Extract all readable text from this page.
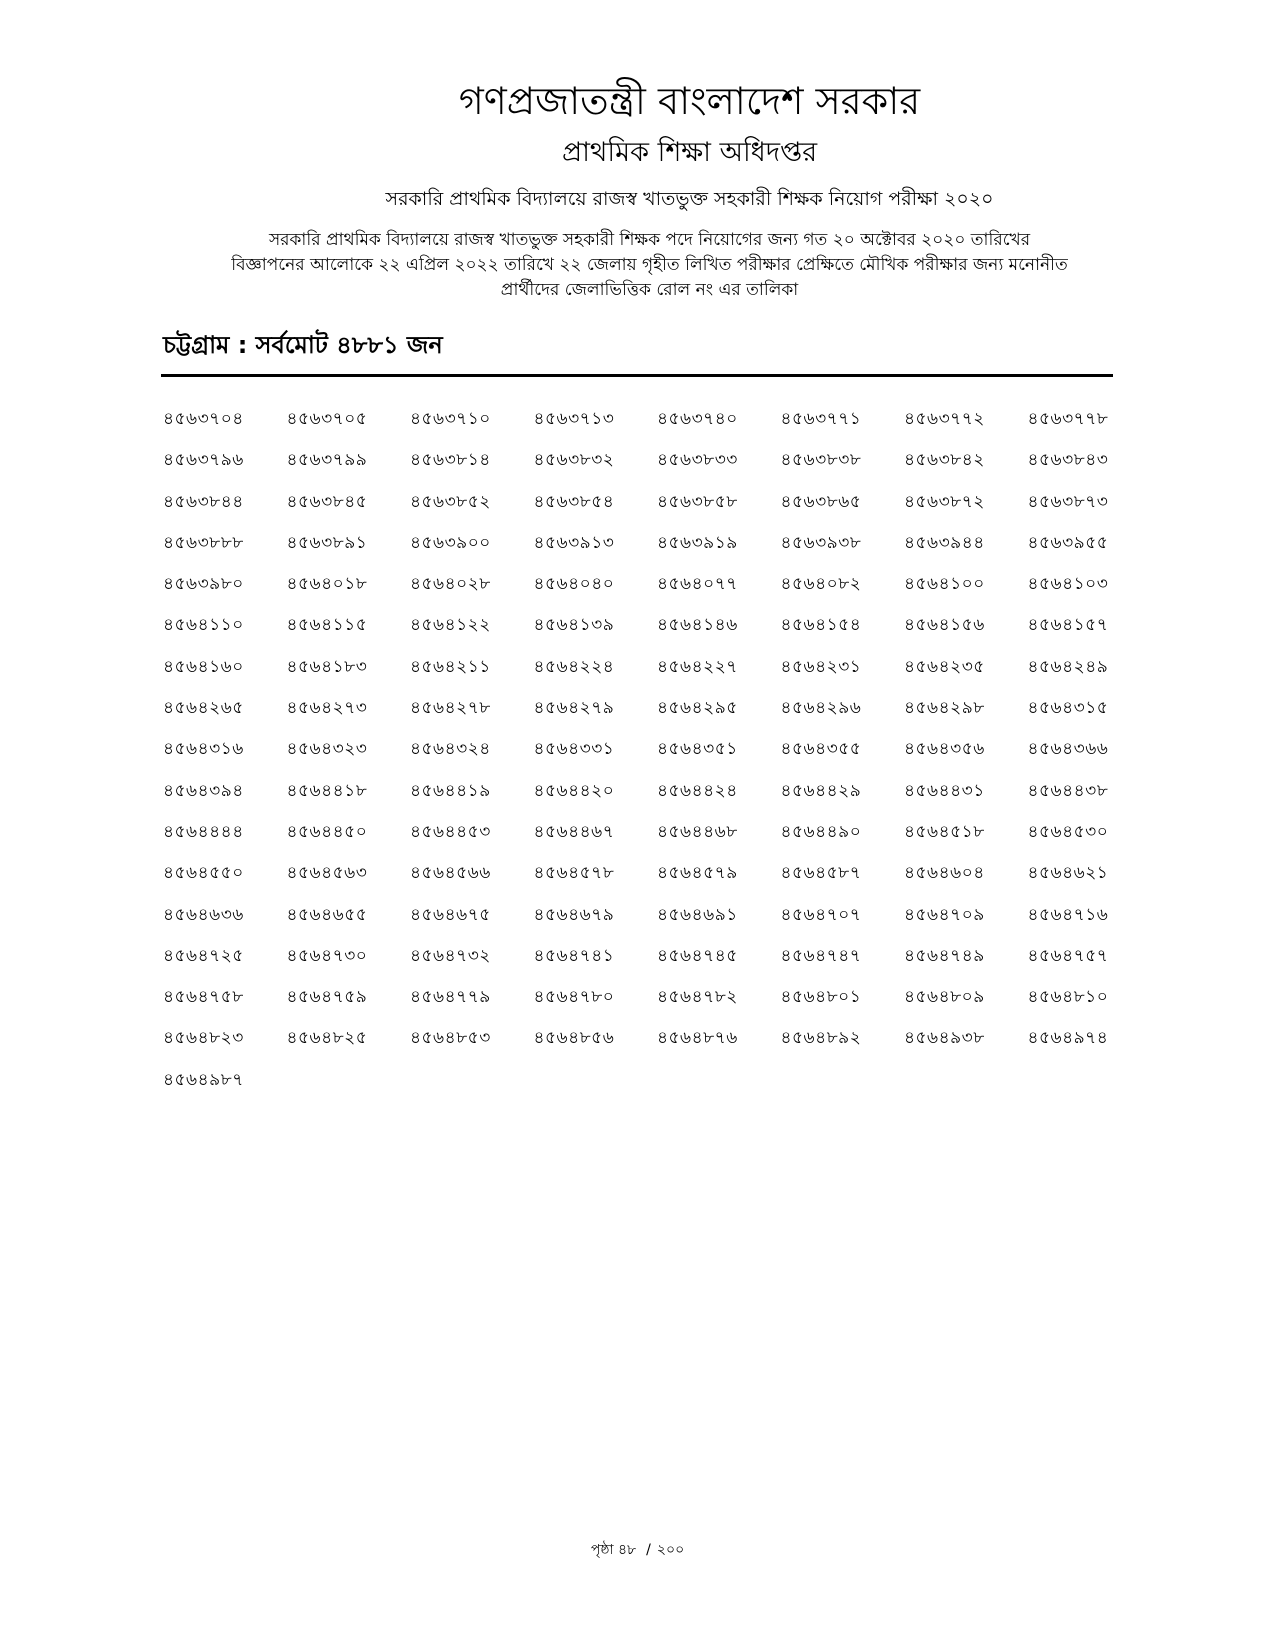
গণপ্রজাতন্ত্রী বাংলাদেশ সরকার
প্রাথমিক শিক্ষা অধিদপ্তর
সরকারি প্রাথমিক বিদ্যালয়ে রাজস্ব খাতভুক্ত সহকারী শিক্ষক নিয়োগ পরীক্ষা ২০২০
সরকারি প্রাথমিক বিদ্যালয়ে রাজস্ব খাতভুক্ত সহকারী শিক্ষক পদে নিয়োগের জন্য গত ২০ অক্টোবর ২০২০ তারিখের
বিজ্ঞাপনের আলোকে ২২ এপ্রিল ২০২২ তারিখে ২২ জেলায় গৃহীত লিখিত পরীক্ষার প্রেক্ষিতে মৌখিক পরীক্ষার জন্য মনোনীত
প্রার্থীদের জেলাভিত্তিক রোল নং এর তালিকা
চট্টগ্রাম : সর্বমোট ৪৮৮১ জন
৪৫৬৩৭০৪	৪৫৬৩৭০৫	৪৫৬৩৭১০	৪৫৬৩৭১৩	৪৫৬৩৭৪০	৪৫৬৩৭৭১	৪৫৬৩৭৭২	৪৫৬৩৭৭৮
৪৫৬৩৭৯৬	৪৫৬৩৭৯৯	৪৫৬৩৮১৪	৪৫৬৩৮৩২	৪৫৬৩৮৩৩	৪৫৬৩৮৩৮	৪৫৬৩৮৪২	৪৫৬৩৮৪৩
৪৫৬৩৮৪৪	৪৫৬৩৮৪৫	৪৫৬৩৮৫২	৪৫৬৩৮৫৪	৪৫৬৩৮৫৮	৪৫৬৩৮৬৫	৪৫৬৩৮৭২	৪৫৬৩৮৭৩
৪৫৬৩৮৮৮	৪৫৬৩৮৯১	৪৫৬৩৯০০	৪৫৬৩৯১৩	৪৫৬৩৯১৯	৪৫৬৩৯৩৮	৪৫৬৩৯৪৪	৪৫৬৩৯৫৫
৪৫৬৩৯৮০	৪৫৬৪০১৮	৪৫৬৪০২৮	৪৫৬৪০৪০	৪৫৬৪০৭৭	৪৫৬৪০৮২	৪৫৬৪১০০	৪৫৬৪১০৩
৪৫৬৪১১০	৪৫৬৪১১৫	৪৫৬৪১২২	৪৫৬৪১৩৯	৪৫৬৪১৪৬	৪৫৬৪১৫৪	৪৫৬৪১৫৬	৪৫৬৪১৫৭
৪৫৬৪১৬০	৪৫৬৪১৮৩	৪৫৬৪২১১	৪৫৬৪২২৪	৪৫৬৪২২৭	৪৫৬৪২৩১	৪৫৬৪২৩৫	৪৫৬৪২৪৯
৪৫৬৪২৬৫	৪৫৬৪২৭৩	৪৫৬৪২৭৮	৪৫৬৪২৭৯	৪৫৬৪২৯৫	৪৫৬৪২৯৬	৪৫৬৪২৯৮	৪৫৬৪৩১৫
৪৫৬৪৩১৬	৪৫৬৪৩২৩	৪৫৬৪৩২৪	৪৫৬৪৩৩১	৪৫৬৪৩৫১	৪৫৬৪৩৫৫	৪৫৬৪৩৫৬	৪৫৬৪৩৬৬
৪৫৬৪৩৯৪	৪৫৬৪৪১৮	৪৫৬৪৪১৯	৪৫৬৪৪২০	৪৫৬৪৪২৪	৪৫৬৪৪২৯	৪৫৬৪৪৩১	৪৫৬৪৪৩৮
৪৫৬৪৪৪৪	৪৫৬৪৪৫০	৪৫৬৪৪৫৩	৪৫৬৪৪৬৭	৪৫৬৪৪৬৮	৪৫৬৪৪৯০	৪৫৬৪৫১৮	৪৫৬৪৫৩০
৪৫৬৪৫৫০	৪৫৬৪৫৬৩	৪৫৬৪৫৬৬	৪৫৬৪৫৭৮	৪৫৬৪৫৭৯	৪৫৬৪৫৮৭	৪৫৬৪৬০৪	৪৫৬৪৬২১
৪৫৬৪৬৩৬	৪৫৬৪৬৫৫	৪৫৬৪৬৭৫	৪৫৬৪৬৭৯	৪৫৬৪৬৯১	৪৫৬৪৭০৭	৪৫৬৪৭০৯	৪৫৬৪৭১৬
৪৫৬৪৭২৫	৪৫৬৪৭৩০	৪৫৬৪৭৩২	৪৫৬৪৭৪১	৪৫৬৪৭৪৫	৪৫৬৪৭৪৭	৪৫৬৪৭৪৯	৪৫৬৪৭৫৭
৪৫৬৪৭৫৮	৪৫৬৪৭৫৯	৪৫৬৪৭৭৯	৪৫৬৪৭৮০	৪৫৬৪৭৮২	৪৫৬৪৮০১	৪৫৬৪৮০৯	৪৫৬৪৮১০
৪৫৬৪৮২৩	৪৫৬৪৮২৫	৪৫৬৪৮৫৩	৪৫৬৪৮৫৬	৪৫৬৪৮৭৬	৪৫৬৪৮৯২	৪৫৬৪৯৩৮	৪৫৬৪৯৭৪
৪৫৬৪৯৮৭
পৃষ্ঠা ৪৮ / ২০০
